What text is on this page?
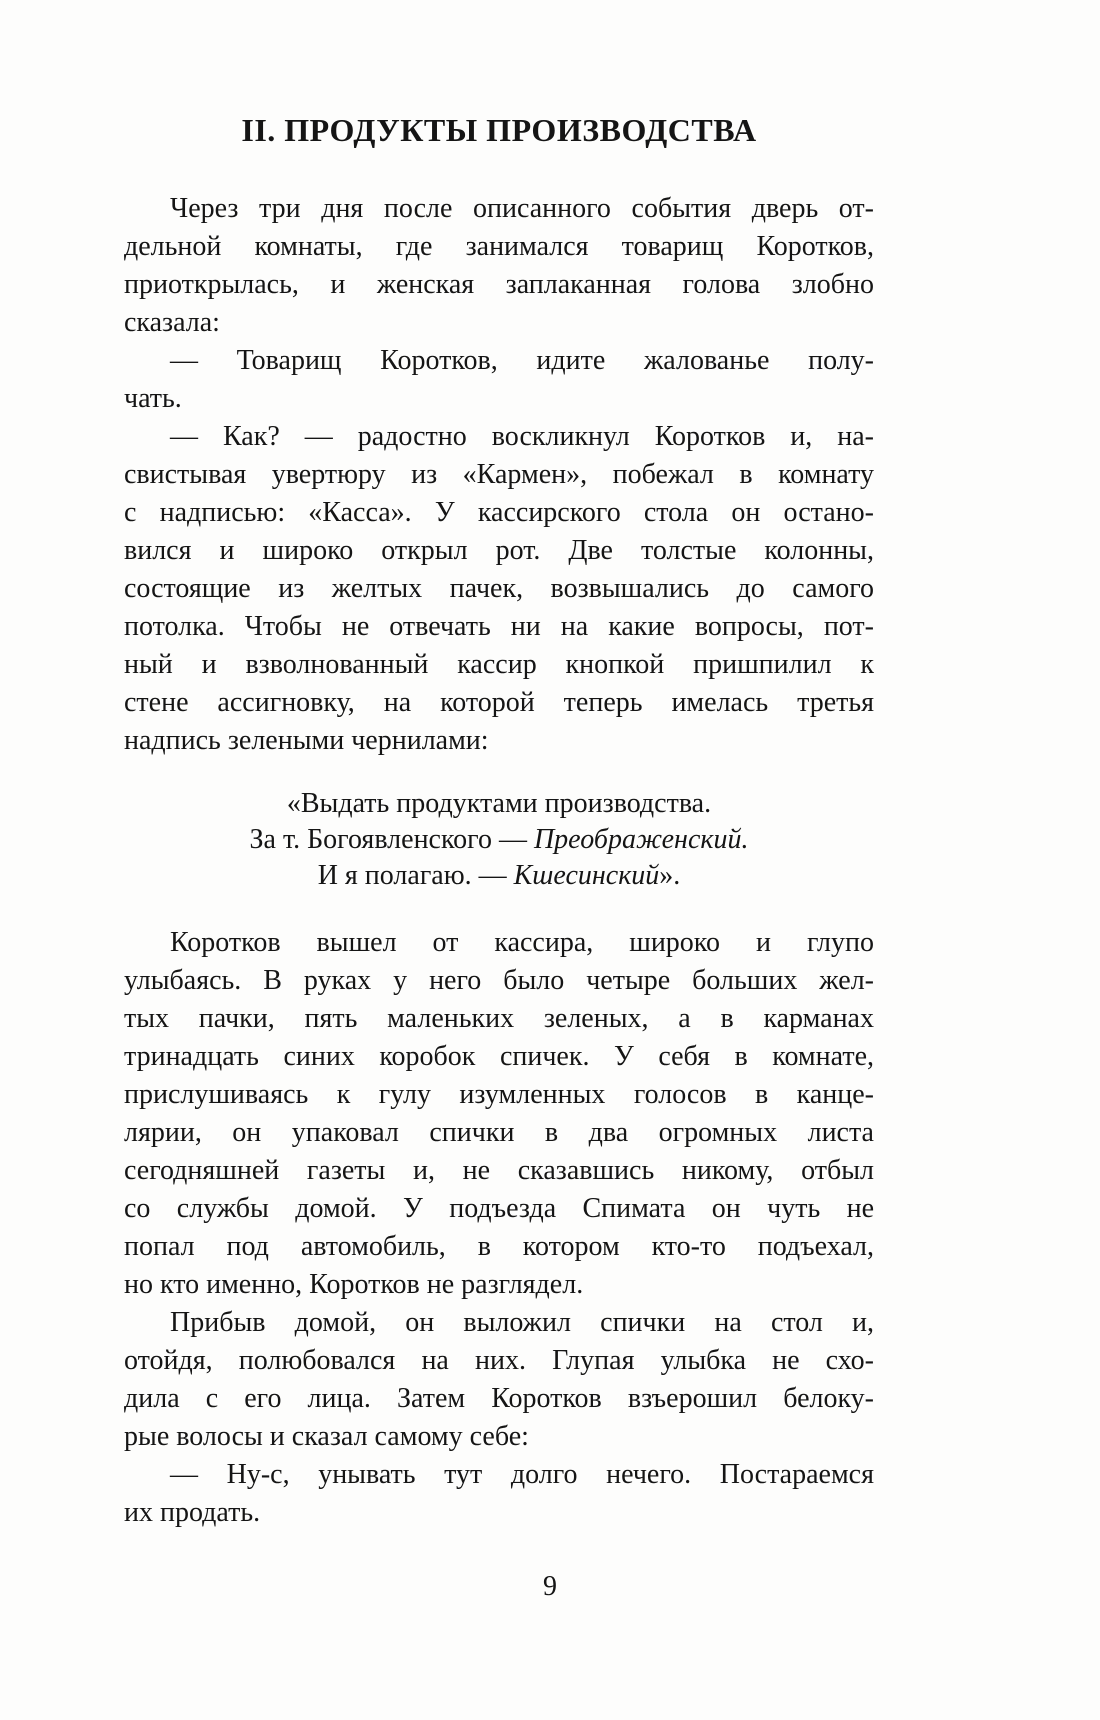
II. ПРОДУКТЫ ПРОИЗВОДСТВА
Через три дня после описанного события дверь от-
дельной комнаты, где занимался товарищ Коротков,
приоткрылась, и женская заплаканная голова злобно
сказала:
— Товарищ Коротков, идите жалованье полу-
чать.
— Как? — радостно воскликнул Коротков и, на-
свистывая увертюру из «Кармен», побежал в комнату
с надписью: «Касса». У кассирского стола он остано-
вился и широко открыл рот. Две толстые колонны,
состоящие из желтых пачек, возвышались до самого
потолка. Чтобы не отвечать ни на какие вопросы, пот-
ный и взволнованный кассир кнопкой пришпилил к
стене ассигновку, на которой теперь имелась третья
надпись зелеными чернилами:
«Выдать продуктами производства.
За т. Богоявленского — Преображенский.
И я полагаю. — Кшесинский».
Коротков вышел от кассира, широко и глупо
улыбаясь. В руках у него было четыре больших жел-
тых пачки, пять маленьких зеленых, а в карманах
тринадцать синих коробок спичек. У себя в комнате,
прислушиваясь к гулу изумленных голосов в канце-
лярии, он упаковал спички в два огромных листа
сегодняшней газеты и, не сказавшись никому, отбыл
со службы домой. У подъезда Спимата он чуть не
попал под автомобиль, в котором кто-то подъехал,
но кто именно, Коротков не разглядел.
Прибыв домой, он выложил спички на стол и,
отойдя, полюбовался на них. Глупая улыбка не схо-
дила с его лица. Затем Коротков взъерошил белоку-
рые волосы и сказал самому себе:
— Ну-с, унывать тут долго нечего. Постараемся
их продать.
9
